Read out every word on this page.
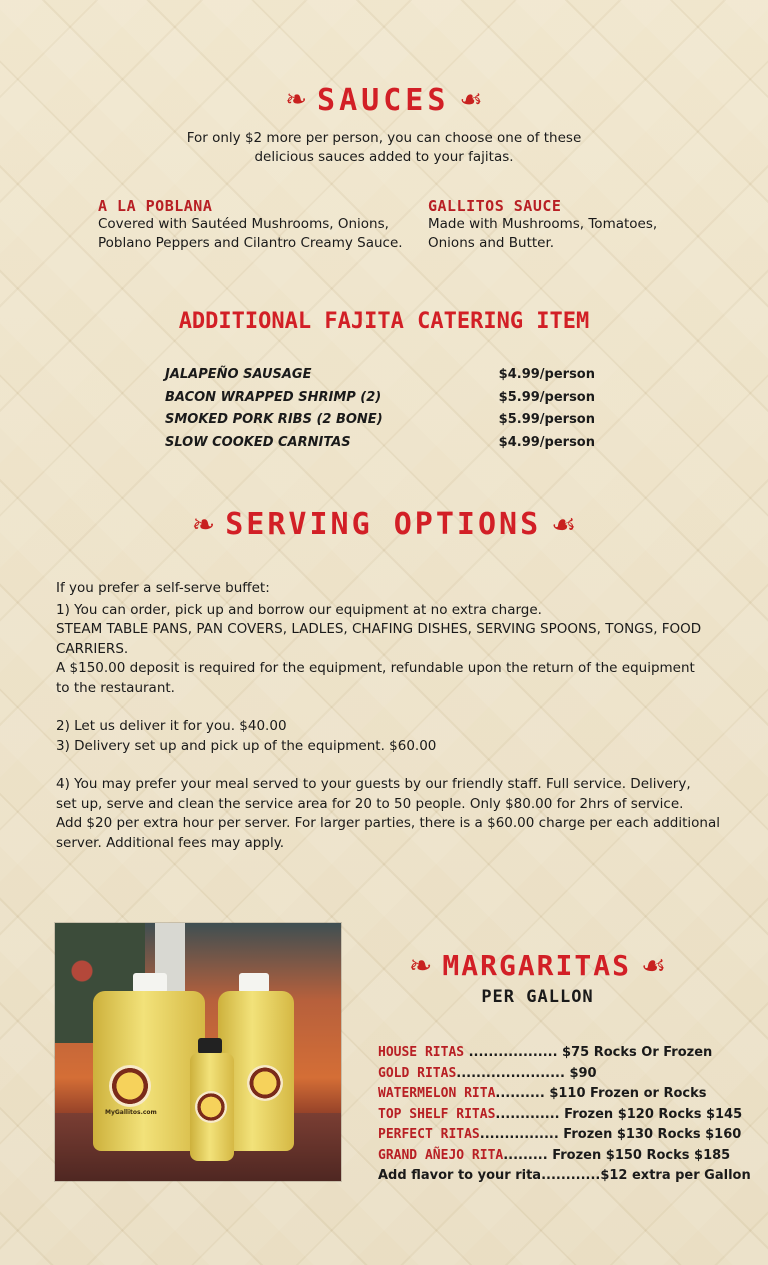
❧ SAUCES ☙
For only $2 more per person, you can choose one of these
delicious sauces added to your fajitas.
A LA POBLANA
Covered with Sautéed Mushrooms, Onions,
Poblano Peppers and Cilantro Creamy Sauce.
GALLITOS SAUCE
Made with Mushrooms, Tomatoes,
Onions and Butter.
ADDITIONAL FAJITA CATERING ITEM
JALAPEÑO SAUSAGE	$4.99/person
BACON WRAPPED SHRIMP (2)	$5.99/person
SMOKED PORK RIBS (2 BONE)	$5.99/person
SLOW COOKED CARNITAS	$4.99/person
❧ SERVING OPTIONS ☙

If you prefer a self-serve buffet:

1) You can order, pick up and borrow our equipment at no extra charge.

STEAM TABLE PANS, PAN COVERS, LADLES, CHAFING DISHES, SERVING SPOONS, TONGS, FOOD

CARRIERS.

A $150.00 deposit is required for the equipment, refundable upon the return of the equipment

to the restaurant.

2) Let us deliver it for you. $40.00

3) Delivery set up and pick up of the equipment. $60.00

4) You may prefer your meal served to your guests by our friendly staff. Full service. Delivery,

set up, serve and clean the service area for 20 to 50 people. Only $80.00 for 2hrs of service.

Add $20 per extra hour per server. For larger parties, there is a $60.00 charge per each additional

server. Additional fees may apply.

MyGallitos.com
❧ MARGARITAS ☙
PER GALLON
HOUSE RITAS .................. $75 Rocks Or Frozen
GOLD RITAS...................... $90
WATERMELON RITA.......... $110 Frozen or Rocks
TOP SHELF RITAS............. Frozen $120 Rocks $145
PERFECT RITAS................ Frozen $130 Rocks $160
GRAND AÑEJO RITA......... Frozen $150 Rocks $185
Add flavor to your rita............$12 extra per Gallon
